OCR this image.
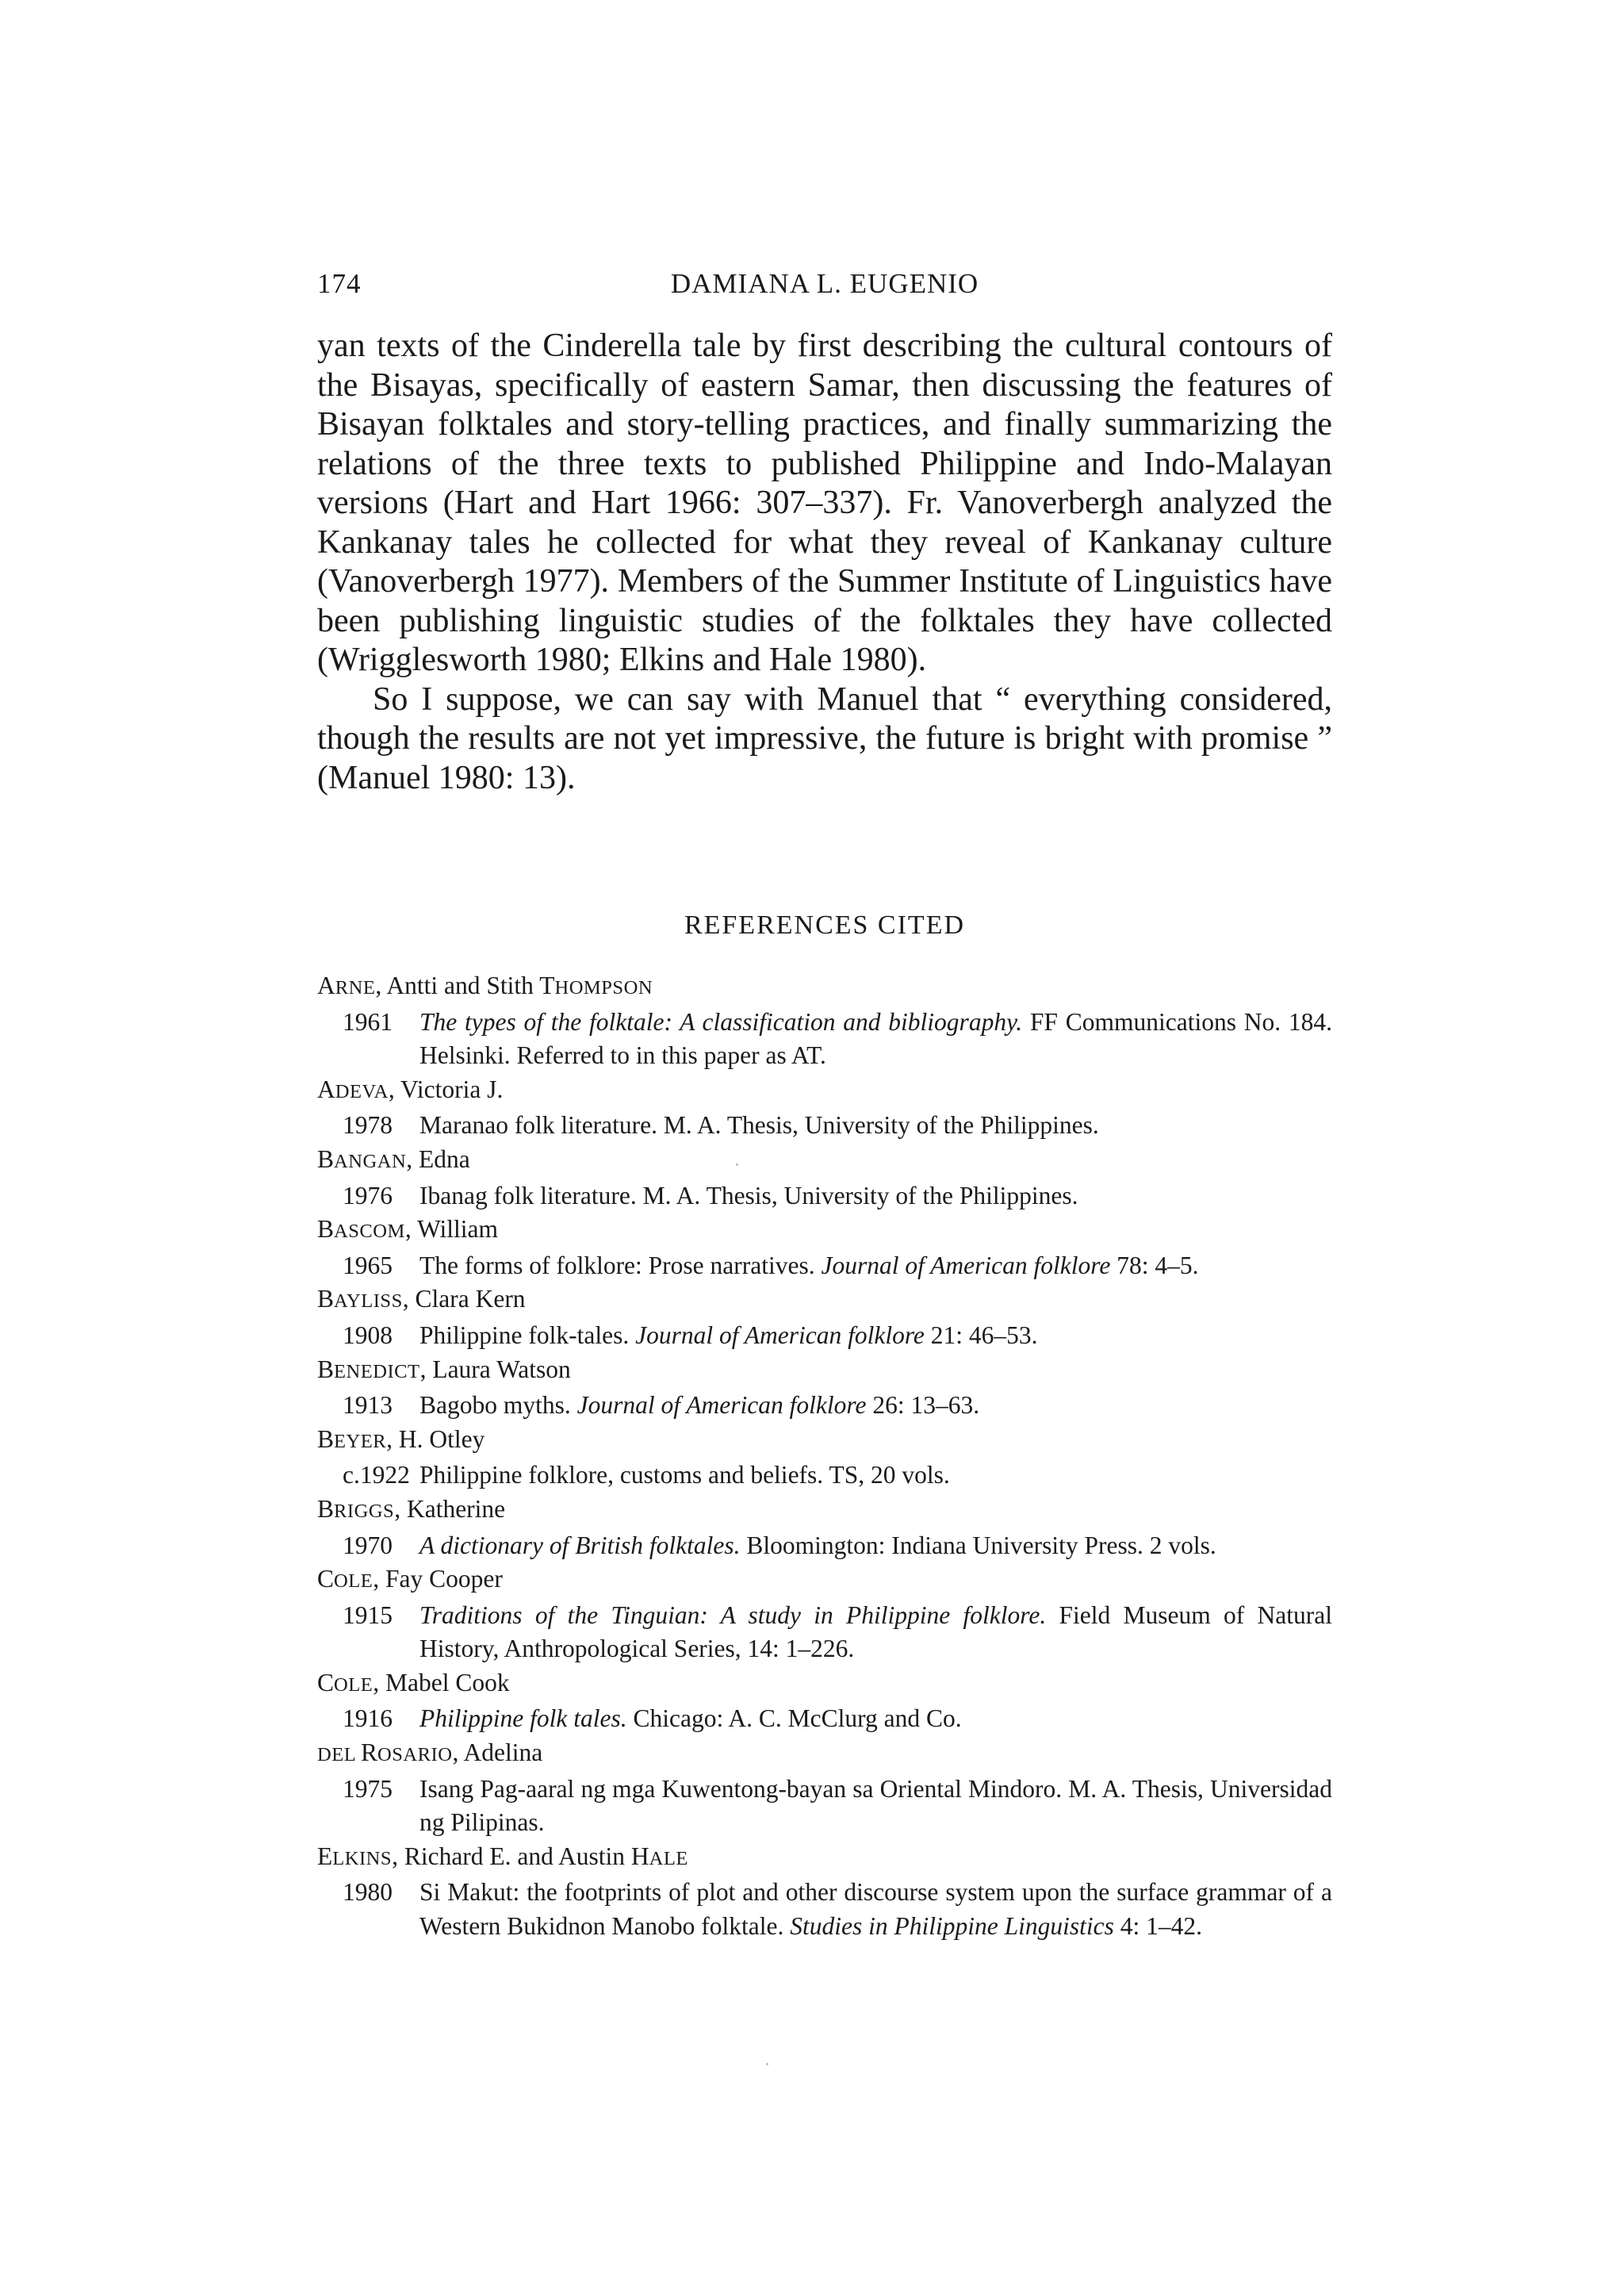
174	DAMIANA L. EUGENIO

yan texts of the Cinderella tale by first describing the cultural contours of the Bisayas, specifically of eastern Samar, then discussing the features of Bisayan folktales and story-telling practices, and finally summarizing the relations of the three texts to published Philippine and Indo-Malayan versions (Hart and Hart 1966: 307–337). Fr. Vanoverbergh analyzed the Kankanay tales he collected for what they reveal of Kankanay culture (Vanoverbergh 1977). Members of the Summer Institute of Linguistics have been publishing linguistic studies of the folktales they have collected (Wrigglesworth 1980; Elkins and Hale 1980).

So I suppose, we can say with Manuel that “ everything considered, though the results are not yet impressive, the future is bright with promise ” (Manuel 1980: 13).

REFERENCES CITED
ARNE, Antti and Stith THOMPSON
1961	The types of the folktale: A classification and bibliography. FF Communications No. 184. Helsinki. Referred to in this paper as AT.
ADEVA, Victoria J.
1978	Maranao folk literature. M. A. Thesis, University of the Philippines.
BANGAN, Edna
1976	Ibanag folk literature. M. A. Thesis, University of the Philippines.
BASCOM, William
1965	The forms of folklore: Prose narratives. Journal of American folklore 78: 4–5.
BAYLISS, Clara Kern
1908	Philippine folk-tales. Journal of American folklore 21: 46–53.
BENEDICT, Laura Watson
1913	Bagobo myths. Journal of American folklore 26: 13–63.
BEYER, H. Otley
c.1922 Philippine folklore, customs and beliefs. TS, 20 vols.
BRIGGS, Katherine
1970	A dictionary of British folktales. Bloomington: Indiana University Press. 2 vols.
COLE, Fay Cooper
1915	Traditions of the Tinguian: A study in Philippine folklore. Field Museum of Natural History, Anthropological Series, 14: 1–226.
COLE, Mabel Cook
1916	Philippine folk tales. Chicago: A. C. McClurg and Co.
DEL ROSARIO, Adelina
1975	Isang Pag-aaral ng mga Kuwentong-bayan sa Oriental Mindoro. M. A. Thesis, Universidad ng Pilipinas.
ELKINS, Richard E. and Austin HALE
1980	Si Makut: the footprints of plot and other discourse system upon the surface grammar of a Western Bukidnon Manobo folktale. Studies in Philippine Linguistics 4: 1–42.
